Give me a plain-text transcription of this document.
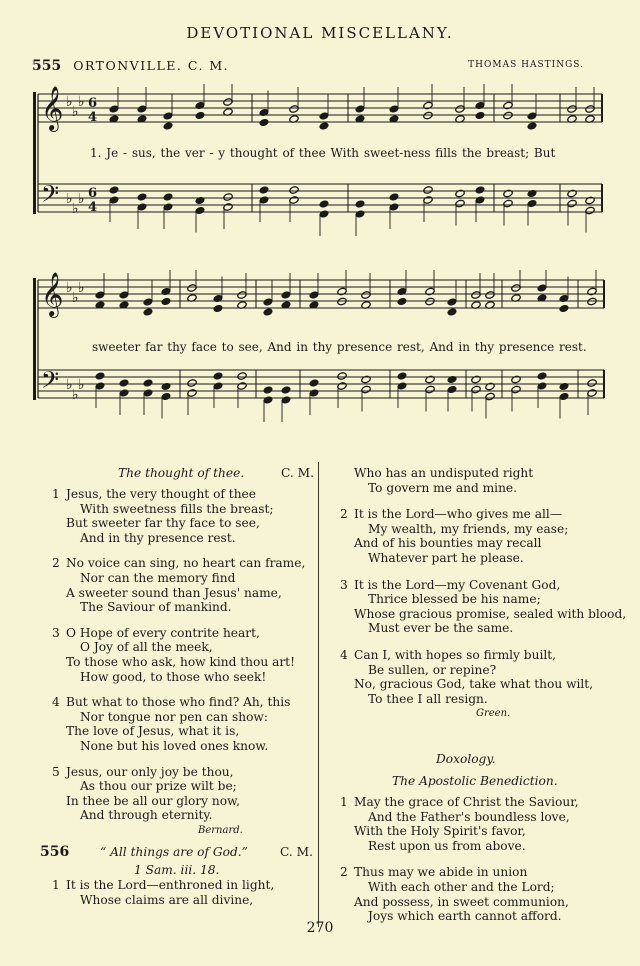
DEVOTIONAL MISCELLANY.
555 ORTONVILLE. C. M.	THOMAS HASTINGS.
𝄞
𝄢
♭
♭
♭
♭
♭
♭
6
4
6
4
1. Je - sus, the ver - y thought of thee With sweet-ness fills the breast; But
𝄞
𝄢
♭
♭
♭
♭
♭
♭
sweeter far thy face to see, And in thy presence rest, And in thy presence rest.
The thought of thee.	C. M.
1 Jesus, the very thought of thee
With sweetness fills the breast;
But sweeter far thy face to see,
And in thy presence rest.
2 No voice can sing, no heart can frame,
Nor can the memory find
A sweeter sound than Jesus' name,
The Saviour of mankind.
3 O Hope of every contrite heart,
O Joy of all the meek,
To those who ask, how kind thou art!
How good, to those who seek!
4 But what to those who find? Ah, this
Nor tongue nor pen can show:
The love of Jesus, what it is,
None but his loved ones know.
5 Jesus, our only joy be thou,
As thou our prize wilt be;
In thee be all our glory now,
And through eternity.
Bernard.
556	“ All things are of God.”	C. M.
1 Sam. iii. 18.
1 It is the Lord—enthroned in light,
Whose claims are all divine,
Who has an undisputed right
To govern me and mine.
2 It is the Lord—who gives me all—
My wealth, my friends, my ease;
And of his bounties may recall
Whatever part he please.
3 It is the Lord—my Covenant God,
Thrice blessed be his name;
Whose gracious promise, sealed with blood,
Must ever be the same.
4 Can I, with hopes so firmly built,
Be sullen, or repine?
No, gracious God, take what thou wilt,
To thee I all resign.
Green.
Doxology.
The Apostolic Benediction.
1 May the grace of Christ the Saviour,
And the Father's boundless love,
With the Holy Spirit's favor,
Rest upon us from above.
2 Thus may we abide in union
With each other and the Lord;
And possess, in sweet communion,
Joys which earth cannot afford.
270
